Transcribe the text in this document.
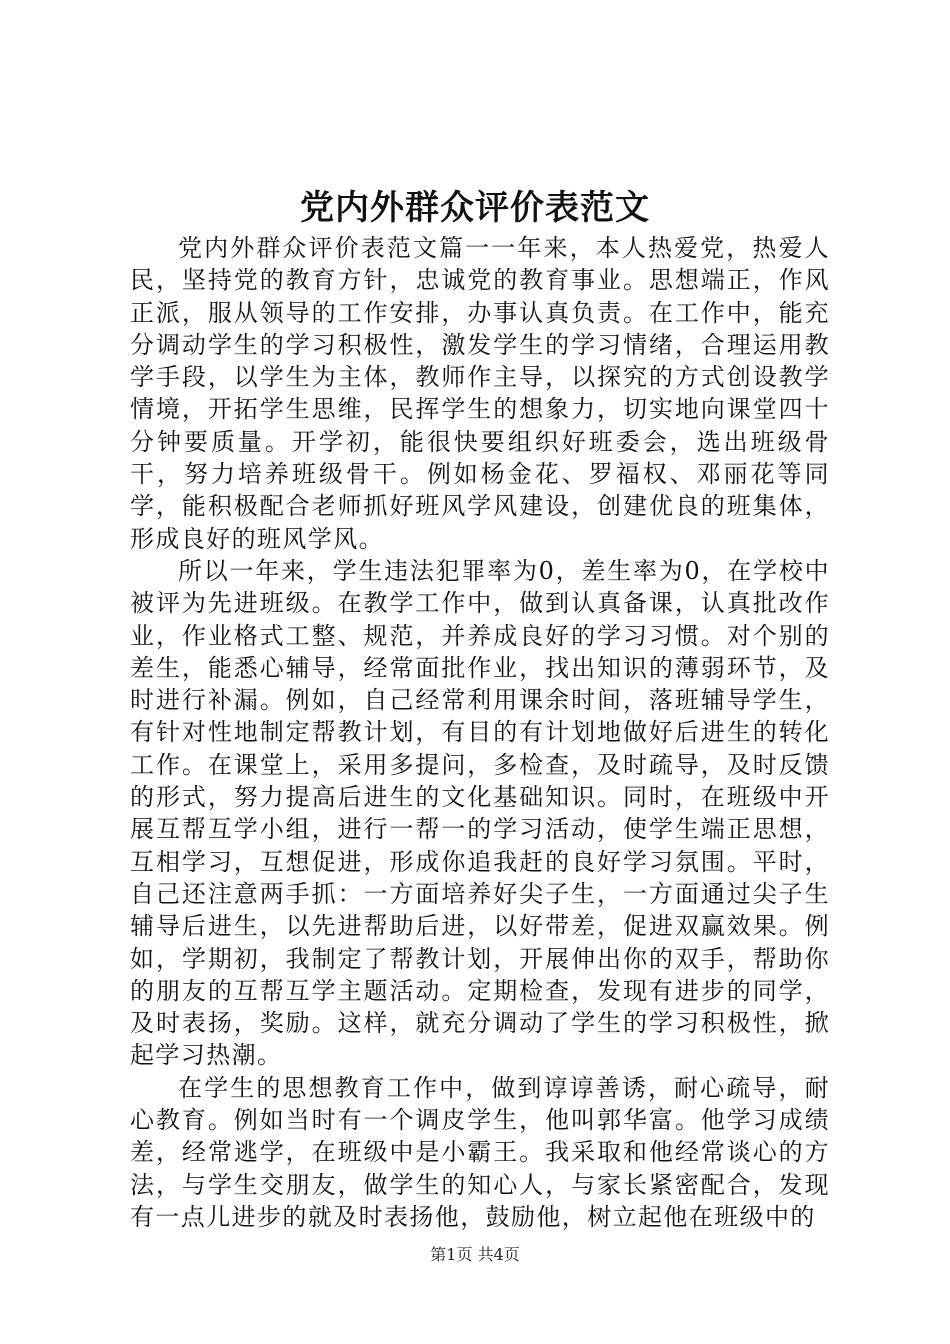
党内外群众评价表范文

党内外群众评价表范文篇一一年来，本人热爱党，热爱人民，坚持党的教育方针，忠诚党的教育事业。思想端正，作风正派，服从领导的工作安排，办事认真负责。在工作中，能充分调动学生的学习积极性，激发学生的学习情绪，合理运用教学手段，以学生为主体，教师作主导，以探究的方式创设教学情境，开拓学生思维，民挥学生的想象力，切实地向课堂四十分钟要质量。开学初，能很快要组织好班委会，选出班级骨干，努力培养班级骨干。例如杨金花、罗福权、邓丽花等同学，能积极配合老师抓好班风学风建设，创建优良的班集体，形成良好的班风学风。

所以一年来，学生违法犯罪率为0，差生率为0，在学校中被评为先进班级。在教学工作中，做到认真备课，认真批改作业，作业格式工整、规范，并养成良好的学习习惯。对个别的差生，能悉心辅导，经常面批作业，找出知识的薄弱环节，及时进行补漏。例如，自己经常利用课余时间，落班辅导学生，有针对性地制定帮教计划，有目的有计划地做好后进生的转化工作。在课堂上，采用多提问，多检查，及时疏导，及时反馈的形式，努力提高后进生的文化基础知识。同时，在班级中开展互帮互学小组，进行一帮一的学习活动，使学生端正思想，互相学习，互想促进，形成你追我赶的良好学习氛围。平时，自己还注意两手抓：一方面培养好尖子生，一方面通过尖子生辅导后进生，以先进帮助后进，以好带差，促进双赢效果。例如，学期初，我制定了帮教计划，开展伸出你的双手，帮助你的朋友的互帮互学主题活动。定期检查，发现有进步的同学，及时表扬，奖励。这样，就充分调动了学生的学习积极性，掀起学习热潮。

在学生的思想教育工作中，做到谆谆善诱，耐心疏导，耐心教育。例如当时有一个调皮学生，他叫郭华富。他学习成绩差，经常逃学，在班级中是小霸王。我采取和他经常谈心的方法，与学生交朋友，做学生的知心人，与家长紧密配合，发现有一点儿进步的就及时表扬他，鼓励他，树立起他在班级中的

第1页 共4页
